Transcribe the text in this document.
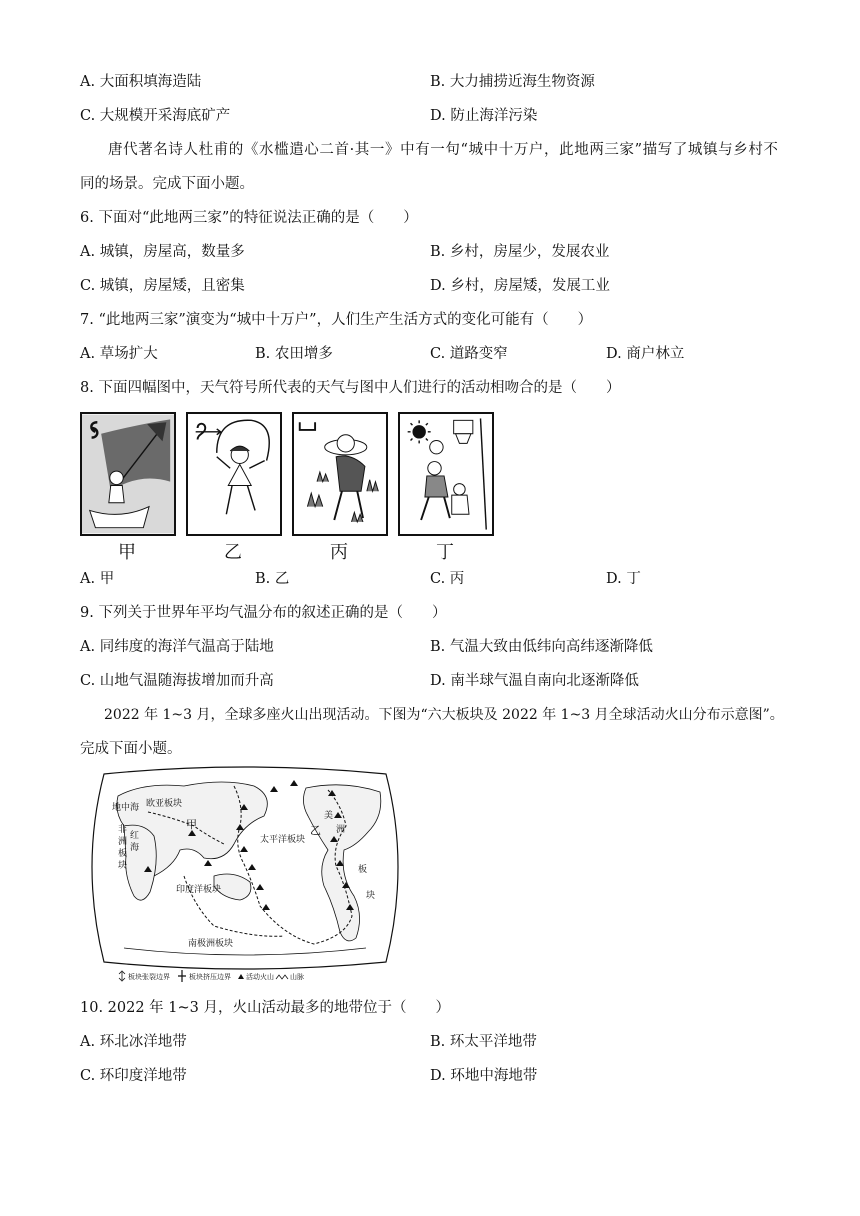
A. 大面积填海造陆	B. 大力捕捞近海生物资源
C. 大规模开采海底矿产	D. 防止海洋污染
唐代著名诗人杜甫的《水槛遣心二首·其一》中有一句“城中十万户，此地两三家”描写了城镇与乡村不
同的场景。完成下面小题。
6. 下面对“此地两三家”的特征说法正确的是（　　）
A. 城镇，房屋高，数量多	B. 乡村，房屋少，发展农业
C. 城镇，房屋矮，且密集	D. 乡村，房屋矮，发展工业
7. “此地两三家”演变为“城中十万户”，人们生产生活方式的变化可能有（　　）
A. 草场扩大	B. 农田增多	C. 道路变窄	D. 商户林立
8. 下面四幅图中，天气符号所代表的天气与图中人们进行的活动相吻合的是（　　）
甲	乙	丙	丁
A. 甲	B. 乙	C. 丙	D. 丁
9. 下列关于世界年平均气温分布的叙述正确的是（　　）
A. 同纬度的海洋气温高于陆地	B. 气温大致由低纬向高纬逐渐降低
C. 山地气温随海拔增加而升高	D. 南半球气温自南向北逐渐降低
2022 年 1~3 月，全球多座火山出现活动。下图为“六大板块及 2022 年 1~3 月全球活动火山分布示意图”。
完成下面小题。
地中海 欧亚板块
非
洲
板
块
红
海
甲	乙
太平洋板块
美
洲
板
块
印度洋板块
南极洲板块
板块张裂边界	板块挤压边界 活动火山 山脉
10. 2022 年 1~3 月，火山活动最多的地带位于（　　）
A. 环北冰洋地带	B. 环太平洋地带
C. 环印度洋地带	D. 环地中海地带
